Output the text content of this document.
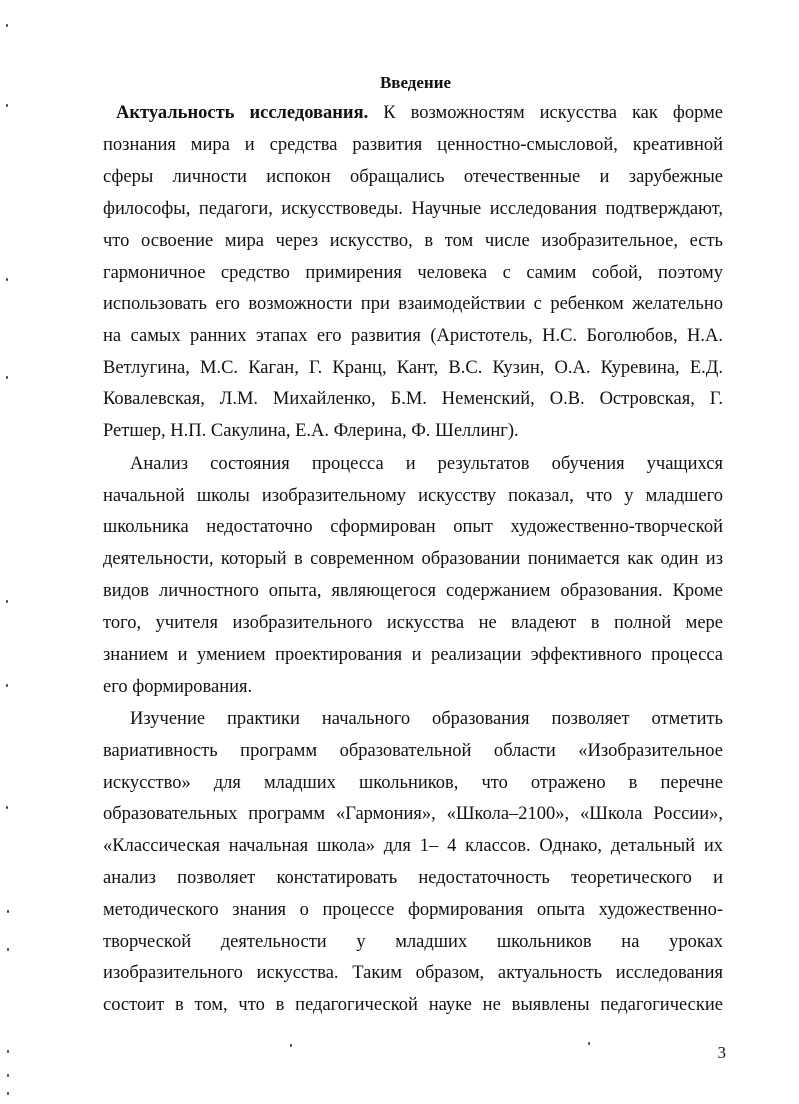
Введение
Актуальность исследования. К возможностям искусства как форме
познания мира и средства развития ценностно-смысловой, креативной
сферы личности испокон обращались отечественные и зарубежные
философы, педагоги, искусствоведы. Научные исследования подтверждают,
что освоение мира через искусство, в том числе изобразительное, есть
гармоничное средство примирения человека с самим собой, поэтому
использовать его возможности при взаимодействии с ребенком желательно
на самых ранних этапах его развития (Аристотель, Н.С. Боголюбов, Н.А.
Ветлугина, М.С. Каган, Г. Кранц, Кант, В.С. Кузин, О.А. Куревина, Е.Д.
Ковалевская, Л.М. Михайленко, Б.М. Неменский, О.В. Островская, Г.
Ретшер, Н.П. Сакулина, Е.А. Флерина, Ф. Шеллинг).
Анализ состояния процесса и результатов обучения учащихся
начальной школы изобразительному искусству показал, что у младшего
школьника недостаточно сформирован опыт художественно-творческой
деятельности, который в современном образовании понимается как один из
видов личностного опыта, являющегося содержанием образования. Кроме
того, учителя изобразительного искусства не владеют в полной мере
знанием и умением проектирования и реализации эффективного процесса
его формирования.
Изучение практики начального образования позволяет отметить
вариативность программ образовательной области «Изобразительное
искусство» для младших школьников, что отражено в перечне
образовательных программ «Гармония», «Школа–2100», «Школа России»,
«Классическая начальная школа» для 1– 4 классов. Однако, детальный их
анализ позволяет констатировать недостаточность теоретического и
методического знания о процессе формирования опыта художественно-
творческой деятельности у младших школьников на уроках
изобразительного искусства. Таким образом, актуальность исследования
состоит в том, что в педагогической науке не выявлены педагогические
3
